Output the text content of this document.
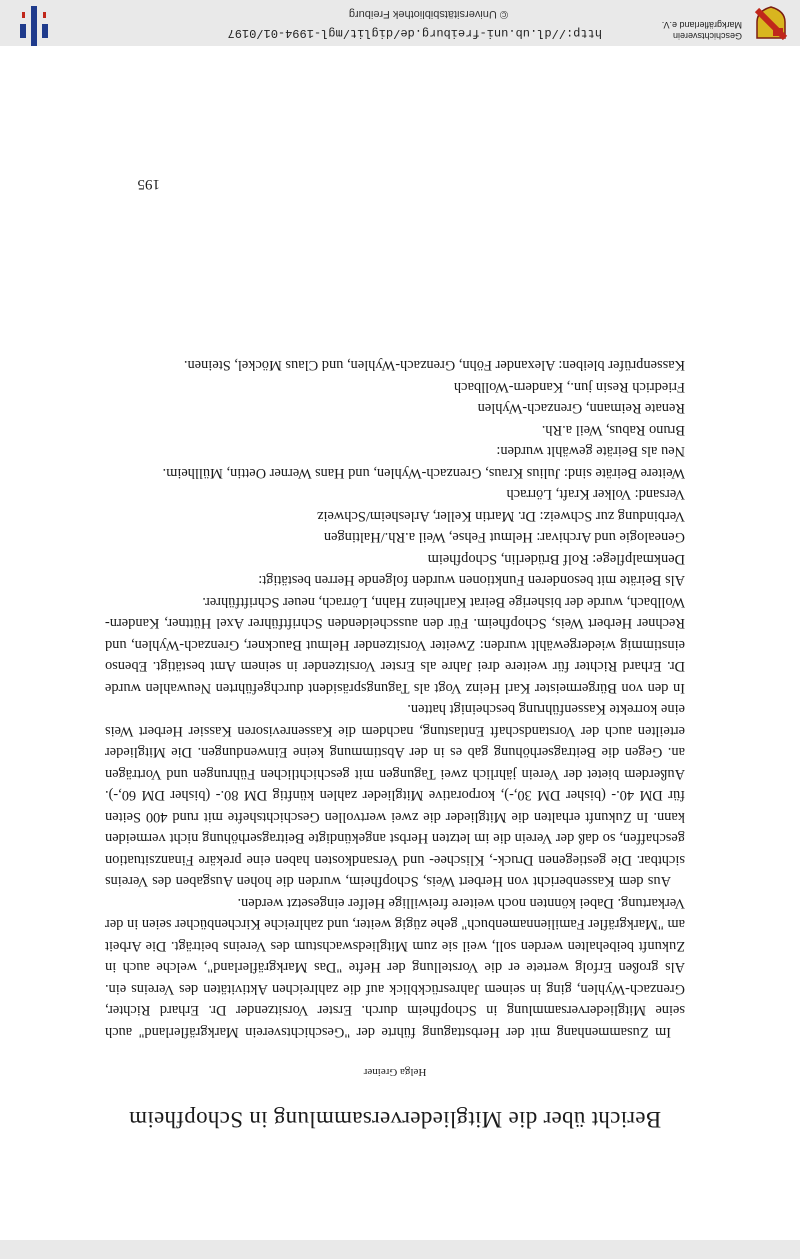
Geschichtsverein
Markgräflerland e.V.
http://dl.ub.uni-freiburg.de/diglit/mgl-1994-01/0197
© Universitätsbibliothek Freiburg
Bericht über die Mitgliederversammlung in Schopfheim
Helga Greiner

Im Zusammenhang mit der Herbsttagung führte der "Geschichtsverein Markgräflerland" auch seine Mitgliederversammlung in Schopfheim durch. Erster Vorsitzender Dr. Erhard Richter, Grenzach-Wyhlen, ging in seinem Jahresrückblick auf die zahlreichen Aktivitäten des Vereins ein. Als großen Erfolg wertete er die Vorstellung der Hefte "Das Markgräflerland", welche auch in Zukunft beibehalten werden soll, weil sie zum Mitgliedswachstum des Vereins beiträgt. Die Arbeit am "Markgräfler Familiennamenbuch" gehe zügig weiter, und zahlreiche Kirchenbücher seien in der Verkartung. Dabei könnten noch weitere freiwillige Helfer eingesetzt werden.

Aus dem Kassenbericht von Herbert Weis, Schopfheim, wurden die hohen Ausgaben des Vereins sichtbar. Die gestiegenen Druck-, Klischee- und Versandkosten haben eine prekäre Finanzsituation geschaffen, so daß der Verein die im letzten Herbst angekündigte Beitragserhöhung nicht vermeiden kann. In Zukunft erhalten die Mitglieder die zwei wertvollen Geschichtshefte mit rund 400 Seiten für DM 40.- (bisher DM 30,-), korporative Mitglieder zahlen künftig DM 80.- (bisher DM 60,-). Außerdem bietet der Verein jährlich zwei Tagungen mit geschichtlichen Führungen und Vorträgen an. Gegen die Beitragserhöhung gab es in der Abstimmung keine Einwendungen. Die Mitglieder erteilten auch der Vorstandschaft Entlastung, nachdem die Kassenrevisoren Kassier Herbert Weis eine korrekte Kassenführung bescheinigt hatten.

In den von Bürgermeister Karl Heinz Vogt als Tagungspräsident durchgeführten Neuwahlen wurde Dr. Erhard Richter für weitere drei Jahre als Erster Vorsitzender in seinem Amt bestätigt. Ebenso einstimmig wiedergewählt wurden: Zweiter Vorsitzender Helmut Bauckner, Grenzach-Wyhlen, und Rechner Herbert Weis, Schopfheim. Für den ausscheidenden Schriftführer Axel Hüttner, Kandern-Wollbach, wurde der bisherige Beirat Karlheinz Hahn, Lörrach, neuer Schriftführer.

Als Beiräte mit besonderen Funktionen wurden folgende Herren bestätigt:

Denkmalpflege: Rolf Brüderlin, Schopfheim

Genealogie und Archivar: Helmut Fehse, Weil a.Rh./Haltingen

Verbindung zur Schweiz: Dr. Martin Keller, Arlesheim/Schweiz

Versand: Volker Kraft, Lörrach

Weitere Beiräte sind: Julius Kraus, Grenzach-Wyhlen, und Hans Werner Oettin, Müllheim.

Neu als Beiräte gewählt wurden:

Bruno Rabus, Weil a.Rh.

Renate Reimann, Grenzach-Wyhlen

Friedrich Resin jun., Kandern-Wollbach

Kassenprüfer bleiben: Alexander Föhn, Grenzach-Wyhlen, und Claus Möckel, Steinen.

195
